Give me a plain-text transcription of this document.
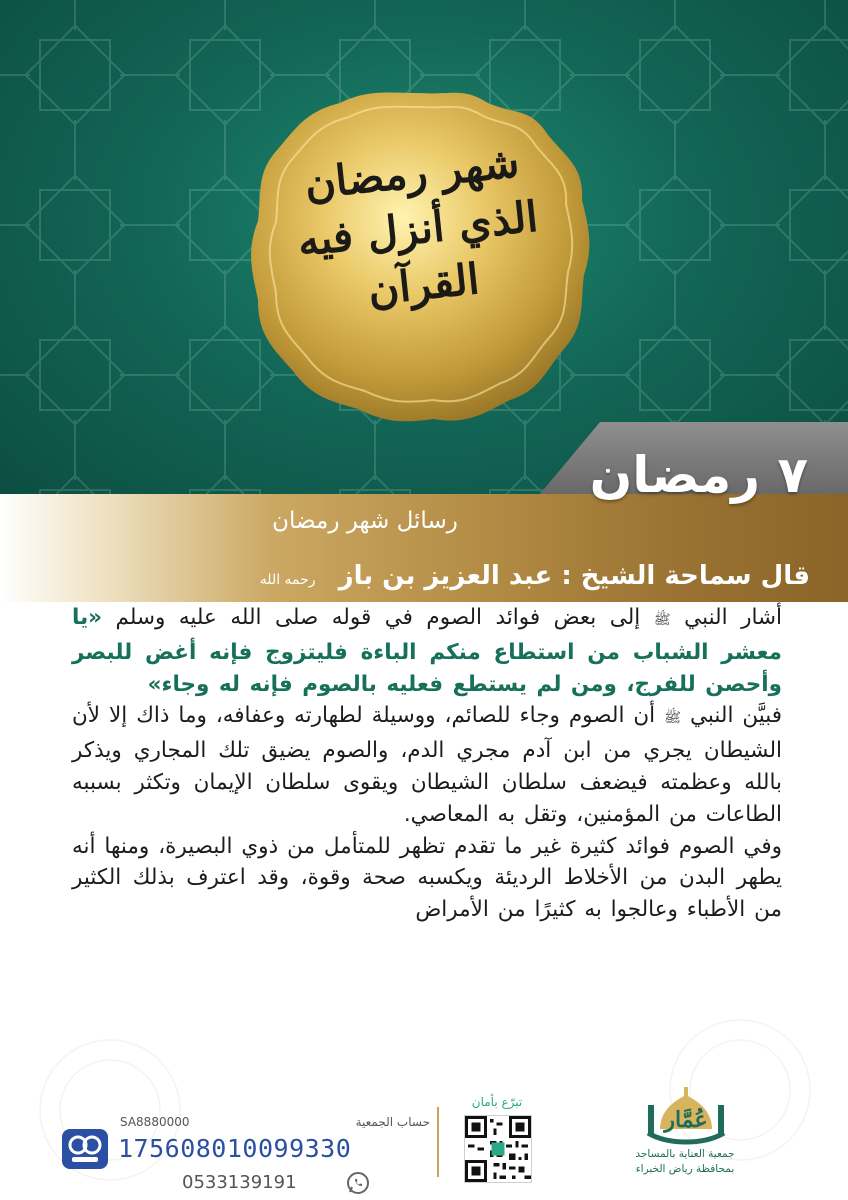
شهر رمضان الذي أنزل فيه القرآن
٧ رمضان
رسائل شهر رمضان
قال سماحة الشيخ : عبد العزيز بن باز رحمه الله

أشار النبي ﷺ إلى بعض فوائد الصوم في قوله صلى الله عليه وسلم «يا معشر الشباب من استطاع منكم الباءة فليتزوج فإنه أغض للبصر وأحصن للفرج، ومن لم يستطع فعليه بالصوم فإنه له وجاء»

فبيَّن النبي ﷺ أن الصوم وجاء للصائم، ووسيلة لطهارته وعفافه، وما ذاك إلا لأن الشيطان يجري من ابن آدم مجري الدم، والصوم يضيق تلك المجاري ويذكر بالله وعظمته فيضعف سلطان الشيطان ويقوى سلطان الإيمان وتكثر بسببه الطاعات من المؤمنين، وتقل به المعاصي.

وفي الصوم فوائد كثيرة غير ما تقدم تظهر للمتأمل من ذوي البصيرة، ومنها أنه يطهر البدن من الأخلاط الرديئة ويكسبه صحة وقوة، وقد اعترف بذلك الكثير من الأطباء وعالجوا به كثيرًا من الأمراض

عُمَّار
جمعية العناية بالمساجد
بمحافظة رياض الخبراء
تبرّع بأمان
حساب الجمعية
SA8880000
175608010099330
0533139191
